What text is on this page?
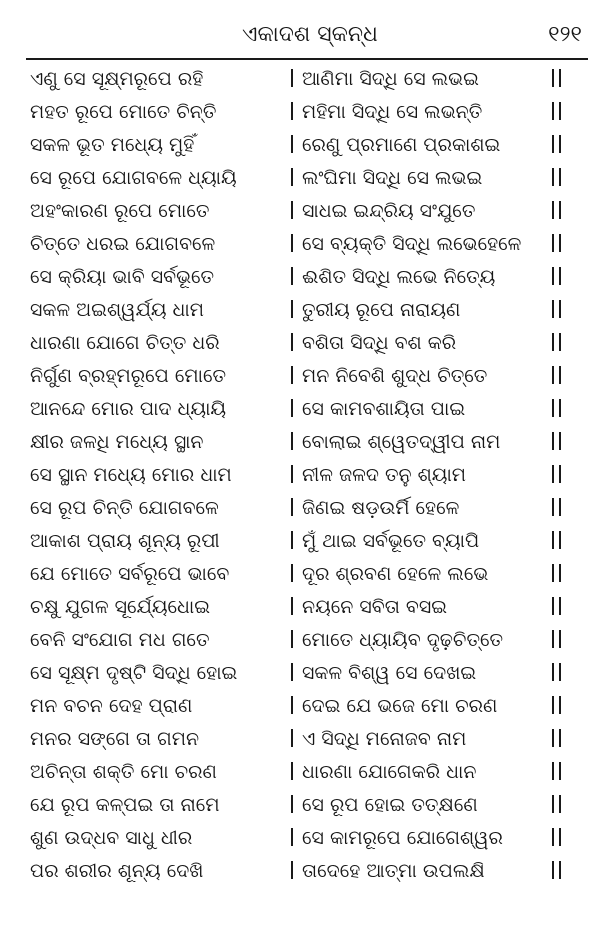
ଏକାଦଶ ସ୍କନ୍ଧ	୧୨୧
ଏଣୁ ସେ ସୂକ୍ଷ୍ମରୂପେ ରହି	ଆଣିମା ସିଦ୍ଧି ସେ ଲଭଇ
ମହତ ରୂପେ ମୋତେ ଚିନ୍ତି	ମହିମା ସିଦ୍ଧି ସେ ଲଭନ୍ତି
ସକଳ ଭୂତ ମଧ୍ୟେ ମୁହିଁ	ରେଣୁ ପ୍ରମାଣେ ପ୍ରକାଶଇ
ସେ ରୂପେ ଯୋଗବଳେ ଧ୍ୟାୟି	ଲଂଘିମା ସିଦ୍ଧି ସେ ଲଭଇ
ଅହଂକାରଣ ରୂପେ ମୋତେ	ସାଧଇ ଇନ୍ଦ୍ରିୟ ସଂଯୁତେ
ଚିତ୍ତେ ଧରଇ ଯୋଗବଳେ	ସେ ବ୍ୟକ୍ତି ସିଦ୍ଧି ଲଭେହେଳେ
ସେ କ୍ରିୟା ଭାବି ସର୍ବଭୂତେ	ଈଶିତ ସିଦ୍ଧି ଲଭେ ନିତ୍ୟେ
ସକଳ ଅଇଶ୍ୱର୍ଯ୍ୟ ଧାମ	ତୁରୀୟ ରୂପେ ନାରାୟଣ
ଧାରଣା ଯୋଗେ ଚିତ୍ତ ଧରି	ବଶିତା ସିଦ୍ଧି ବଶ କରି
ନିର୍ଗୁଣ ବ୍ରହ୍ମରୂପେ ମୋତେ	ମନ ନିବେଶି ଶୁଦ୍ଧ ଚିତ୍ତେ
ଆନନ୍ଦେ ମୋର ପାଦ ଧ୍ୟାୟି	ସେ କାମବଶାୟିତା ପାଇ
କ୍ଷୀର ଜଳଧି ମଧ୍ୟେ ସ୍ଥାନ	ବୋଲାଇ ଶ୍ୱେତଦ୍ୱୀପ ନାମ
ସେ ସ୍ଥାନ ମଧ୍ୟେ ମୋର ଧାମ	ନୀଳ ଜଳଦ ତନୁ ଶ୍ୟାମ
ସେ ରୂପ ଚିନ୍ତି ଯୋଗବଳେ	ଜିଣଇ ଷଡ଼ଉର୍ମି ହେଳେ
ଆକାଶ ପ୍ରାୟ ଶୂନ୍ୟ ରୂପୀ	ମୁଁ ଥାଇ ସର୍ବଭୂତେ ବ୍ୟାପି
ଯେ ମୋତେ ସର୍ବରୂପେ ଭାବେ	ଦୂର ଶ୍ରବଣ ହେଳେ ଲଭେ
ଚକ୍ଷୁ ଯୁଗଳ ସୂର୍ଯ୍ୟେଧୋଇ	ନୟନେ ସବିତା ବସଇ
ବେନି ସଂଯୋଗ ମଧ ଗତେ	ମୋତେ ଧ୍ୟାୟିବ ଦୃଢ଼ଚିତ୍ତେ
ସେ ସୂକ୍ଷ୍ମ ଦୃଷ୍ଟି ସିଦ୍ଧି ହୋଇ	ସକଳ ବିଶ୍ୱ ସେ ଦେଖଇ
ମନ ବଚନ ଦେହ ପ୍ରାଣ	ଦେଇ ଯେ ଭଜେ ମୋ ଚରଣ
ମନର ସଙ୍ଗେ ତା ଗମନ	ଏ ସିଦ୍ଧି ମନୋଜବ ନାମ
ଅଚିନ୍ତା ଶକ୍ତି ମୋ ଚରଣ	ଧାରଣା ଯୋଗେକରି ଧାନ
ଯେ ରୂପ କଳ୍ପଇ ତା ନାମେ	ସେ ରୂପ ହୋଇ ତତ୍‌କ୍ଷଣେ
ଶୁଣ ଉଦ୍ଧବ ସାଧୁ ଧୀର	ସେ କାମରୂପେ ଯୋଗେଶ୍ୱର
ପର ଶରୀର ଶୂନ୍ୟ ଦେଖି	ତାଦେହେ ଆତ୍ମା ଉପଲକ୍ଷି
